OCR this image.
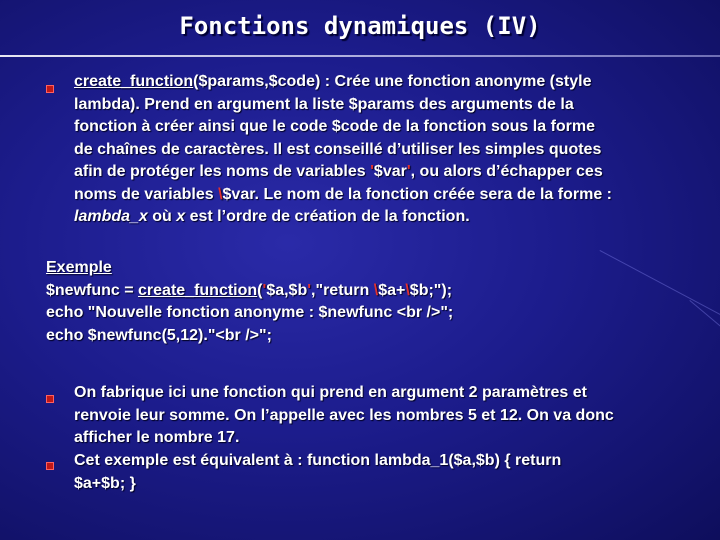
Fonctions dynamiques (IV)
create_function($params,$code) : Crée une fonction anonyme (style
lambda). Prend en argument la liste $params des arguments de la
fonction à créer ainsi que le code $code de la fonction sous la forme
de chaînes de caractères. Il est conseillé d’utiliser les simples quotes
afin de protéger les noms de variables '$var', ou alors d’échapper ces
noms de variables \$var. Le nom de la fonction créée sera de la forme :
lambda_x où x est l’ordre de création de la fonction.
Exemple
$newfunc = create_function('$a,$b',"return \$a+\$b;");
echo "Nouvelle fonction anonyme : $newfunc <br />";
echo $newfunc(5,12)."<br />";
On fabrique ici une fonction qui prend en argument 2 paramètres et
renvoie leur somme. On l’appelle avec les nombres 5 et 12. On va donc
afficher le nombre 17.
Cet exemple est équivalent à : function lambda_1($a,$b) { return
$a+$b; }
